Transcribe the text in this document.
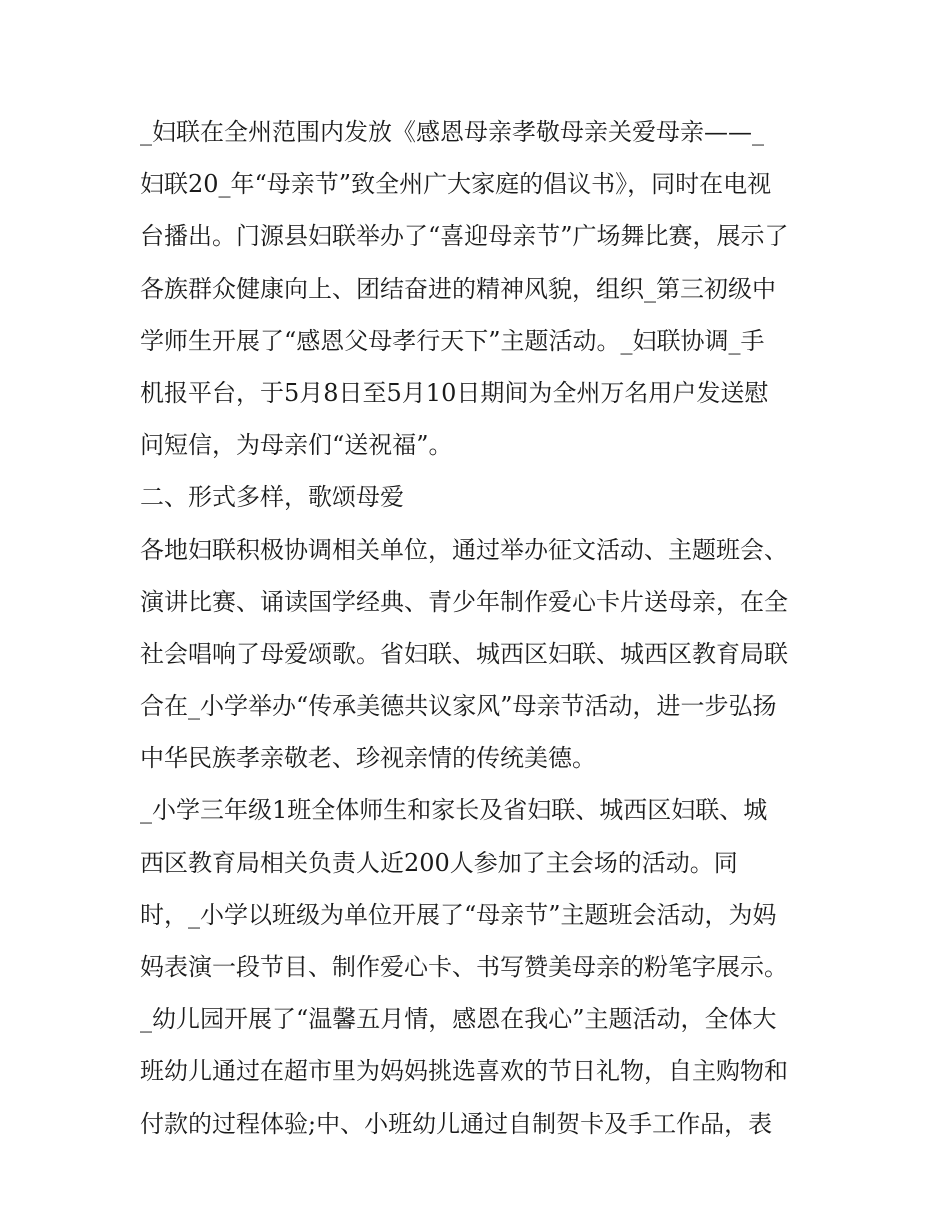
_妇联在全州范围内发放《感恩母亲孝敬母亲关爱母亲——_
妇联20_年“母亲节”致全州广大家庭的倡议书》，同时在电视
台播出。门源县妇联举办了“喜迎母亲节”广场舞比赛，展示了
各族群众健康向上、团结奋进的精神风貌，组织_第三初级中
学师生开展了“感恩父母孝行天下”主题活动。_妇联协调_手
机报平台，于5月8日至5月10日期间为全州万名用户发送慰
问短信，为母亲们“送祝福”。
二、形式多样，歌颂母爱
各地妇联积极协调相关单位，通过举办征文活动、主题班会、
演讲比赛、诵读国学经典、青少年制作爱心卡片送母亲，在全
社会唱响了母爱颂歌。省妇联、城西区妇联、城西区教育局联
合在_小学举办“传承美德共议家风”母亲节活动，进一步弘扬
中华民族孝亲敬老、珍视亲情的传统美德。
_小学三年级1班全体师生和家长及省妇联、城西区妇联、城
西区教育局相关负责人近200人参加了主会场的活动。同
时，_小学以班级为单位开展了“母亲节”主题班会活动，为妈
妈表演一段节目、制作爱心卡、书写赞美母亲的粉笔字展示。
_幼儿园开展了“温馨五月情，感恩在我心”主题活动，全体大
班幼儿通过在超市里为妈妈挑选喜欢的节日礼物，自主购物和
付款的过程体验;中、小班幼儿通过自制贺卡及手工作品，表
